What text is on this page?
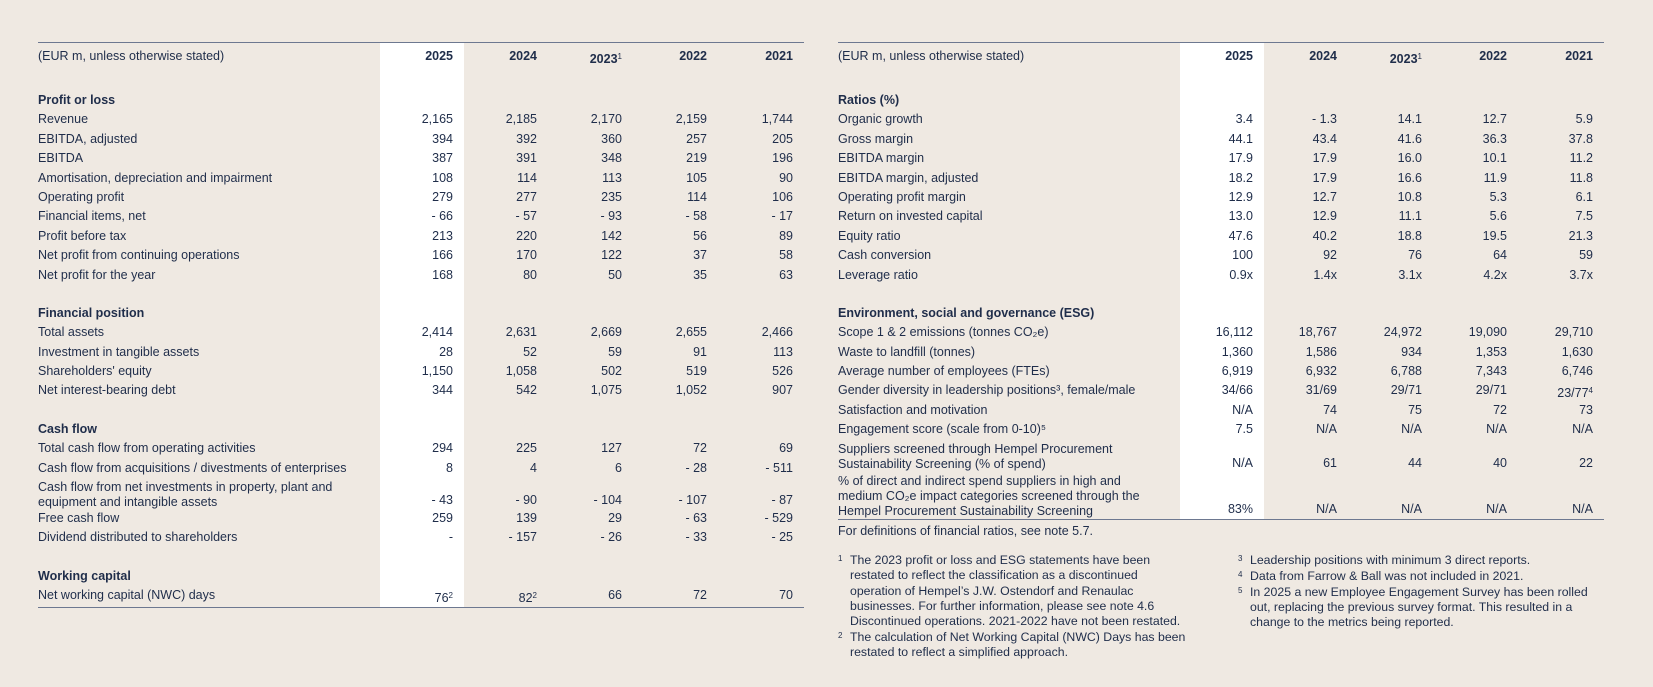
(EUR m, unless otherwise stated)	2025	2024	2023$^1$	2022	2021

Profit or loss					
Revenue	2,165	2,185	2,170	2,159	1,744
EBITDA, adjusted	394	392	360	257	205
EBITDA	387	391	348	219	196
Amortisation, depreciation and impairment	108	114	113	105	90
Operating profit	279	277	235	114	106
Financial items, net	- 66	- 57	- 93	- 58	- 17
Profit before tax	213	220	142	56	89
Net profit from continuing operations	166	170	122	37	58
Net profit for the year	168	80	50	35	63

Financial position					
Total assets	2,414	2,631	2,669	2,655	2,466
Investment in tangible assets	28	52	59	91	113
Shareholders' equity	1,150	1,058	502	519	526
Net interest-bearing debt	344	542	1,075	1,052	907

Cash flow					
Total cash flow from operating activities	294	225	127	72	69
Cash flow from acquisitions / divestments of enterprises	8	4	6	- 28	- 511
Cash flow from net investments in property, plant and equipment and intangible assets	- 43	- 90	- 104	- 107	- 87
Free cash flow	259	139	29	- 63	- 529
Dividend distributed to shareholders	-	- 157	- 26	- 33	- 25

Working capital					
Net working capital (NWC) days	$76^2$	$82^2$	66	72	70
(EUR m, unless otherwise stated)	2025	2024	2023$^1$	2022	2021

Ratios (%)					
Organic growth	3.4	- 1.3	14.1	12.7	5.9
Gross margin	44.1	43.4	41.6	36.3	37.8
EBITDA margin	17.9	17.9	16.0	10.1	11.2
EBITDA margin, adjusted	18.2	17.9	16.6	11.9	11.8
Operating profit margin	12.9	12.7	10.8	5.3	6.1
Return on invested capital	13.0	12.9	11.1	5.6	7.5
Equity ratio	47.6	40.2	18.8	19.5	21.3
Cash conversion	100	92	76	64	59
Leverage ratio	0.9x	1.4x	3.1x	4.2x	3.7x

Environment, social and governance (ESG)					
Scope 1 & 2 emissions (tonnes CO₂e)	16,112	18,767	24,972	19,090	29,710
Waste to landfill (tonnes)	1,360	1,586	934	1,353	1,630
Average number of employees (FTEs)	6,919	6,932	6,788	7,343	6,746
Gender diversity in leadership positions³, female/male	34/66	31/69	29/71	29/71	$23/77^4$
Satisfaction and motivation	N/A	74	75	72	73
Engagement score (scale from 0-10)⁵	7.5	N/A	N/A	N/A	N/A
Suppliers screened through Hempel Procurement Sustainability Screening (% of spend)	N/A	61	44	40	22
% of direct and indirect spend suppliers in high and medium CO₂e impact categories screened through the Hempel Procurement Sustainability Screening	83%	N/A	N/A	N/A	N/A
For definitions of financial ratios, see note 5.7.
1 The 2023 profit or loss and ESG statements have been restated to reflect the classification as a discontinued operation of Hempel’s J.W. Ostendorf and Renaulac businesses. For further information, please see note 4.6 Discontinued operations. 2021-2022 have not been restated.
2 The calculation of Net Working Capital (NWC) Days has been restated to reflect a simplified approach.
3 Leadership positions with minimum 3 direct reports.
4 Data from Farrow & Ball was not included in 2021.
5 In 2025 a new Employee Engagement Survey has been rolled out, replacing the previous survey format. This resulted in a change to the metrics being reported.
